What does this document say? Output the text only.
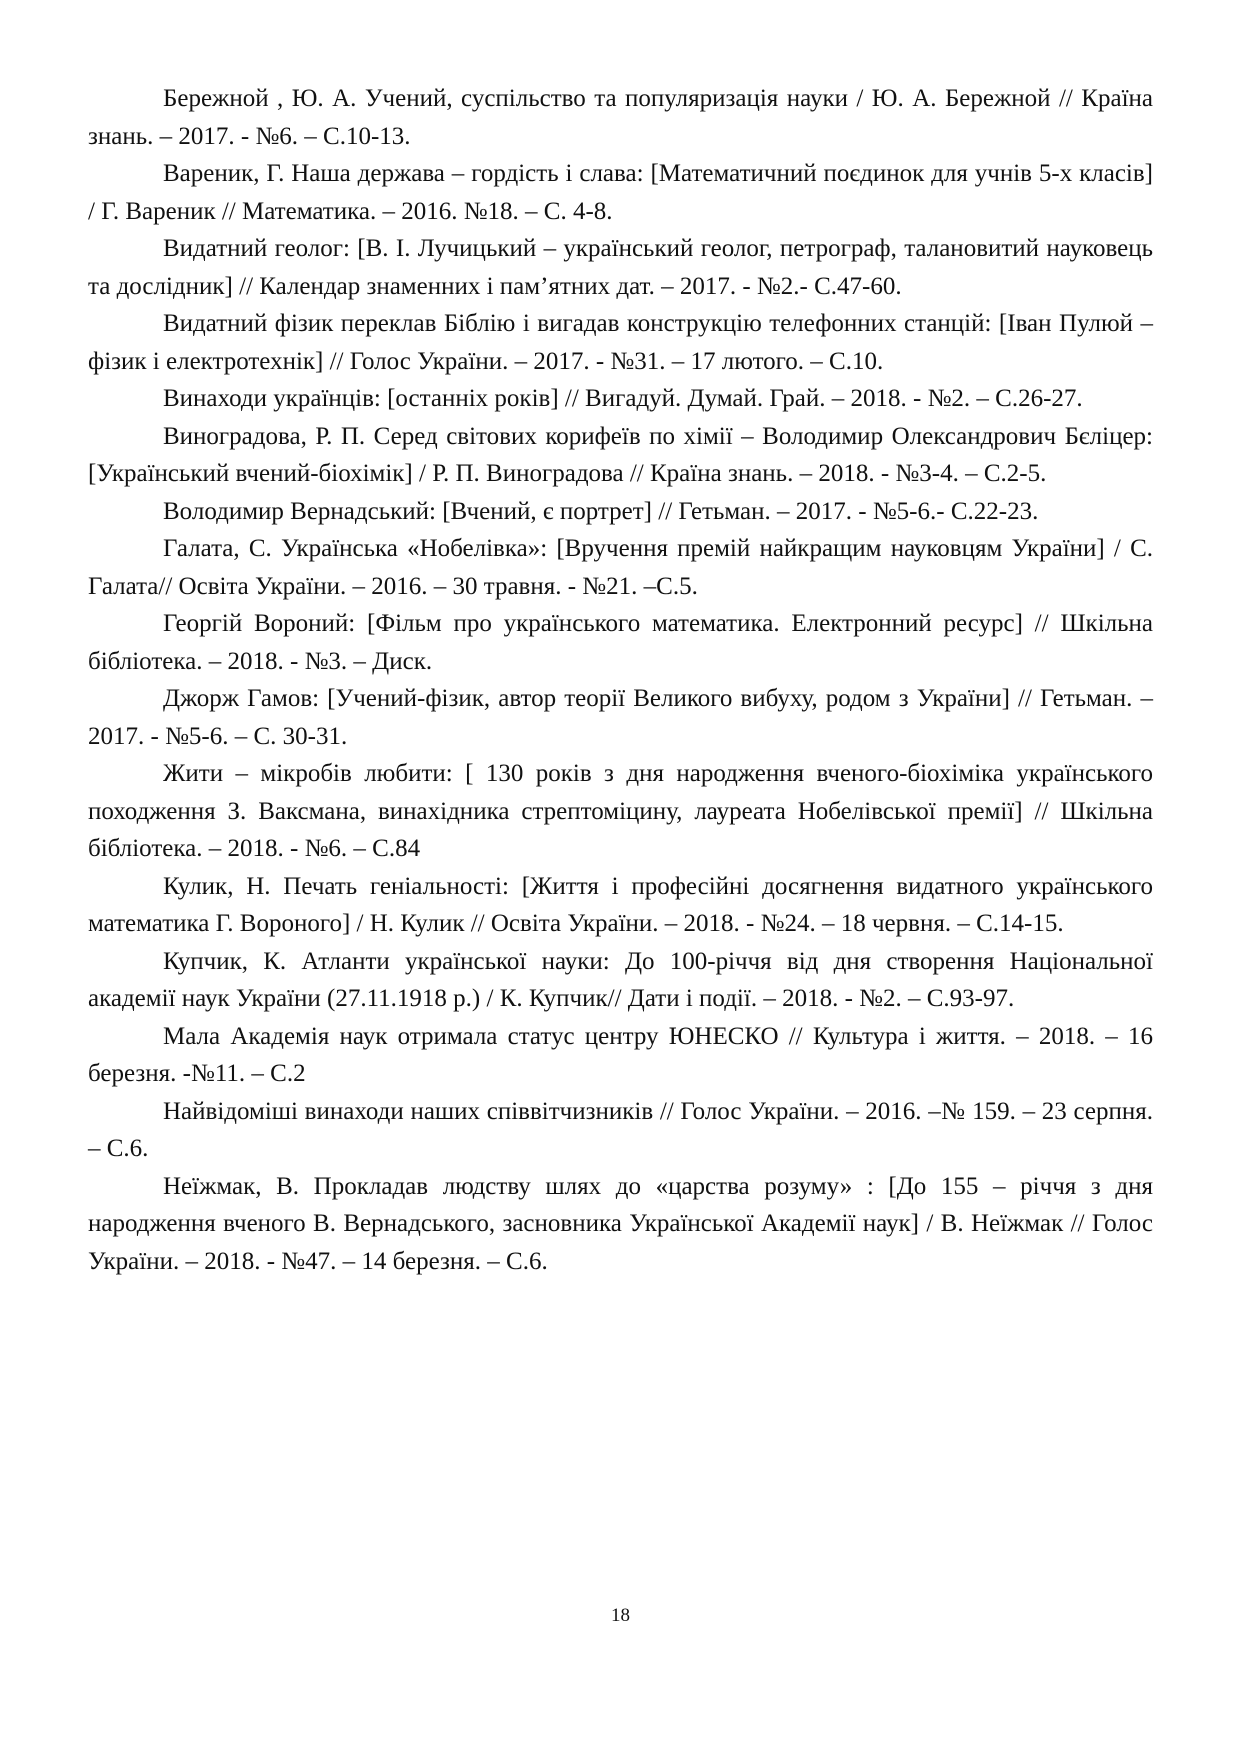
Бережной , Ю. А. Учений, суспільство та популяризація науки / Ю. А. Бережной // Країна знань. – 2017. - №6. – С.10-13.

Вареник, Г. Наша держава – гордість і слава: [Математичний поєдинок для учнів 5-х класів] / Г. Вареник // Математика. – 2016. №18. – С. 4-8.

Видатний геолог: [В. І. Лучицький – український геолог, петрограф, талановитий науковець та дослідник] // Календар знаменних і пам’ятних дат. – 2017. - №2.- С.47-60.

Видатний фізик переклав Біблію і вигадав конструкцію телефонних станцій: [Іван Пулюй – фізик і електротехнік] // Голос України. – 2017. - №31. – 17 лютого. – С.10.

Винаходи українців: [останніх років] // Вигадуй. Думай. Грай. – 2018. - №2. – С.26-27.

Виноградова, Р. П. Серед світових корифеїв по хімії – Володимир Олександрович Бєліцер: [Український вчений-біохімік] / Р. П. Виноградова // Країна знань. – 2018. - №3-4. – С.2-5.

Володимир Вернадський: [Вчений, є портрет] // Гетьман. – 2017. - №5-6.- С.22-23.

Галата, С. Українська «Нобелівка»: [Вручення премій найкращим науковцям України] / С. Галата// Освіта України. – 2016. – 30 травня. - №21. –С.5.

Георгій Вороний: [Фільм про українського математика. Електронний ресурс] // Шкільна бібліотека. – 2018. - №3. – Диск.

Джорж Гамов: [Учений-фізик, автор теорії Великого вибуху, родом з України] // Гетьман. – 2017. - №5-6. – С. 30-31.

Жити – мікробів любити: [ 130 років з дня народження вченого-біохіміка українського походження З. Ваксмана, винахідника стрептоміцину, лауреата Нобелівської премії] // Шкільна бібліотека. – 2018. - №6. – С.84

Кулик, Н. Печать геніальності: [Життя і професійні досягнення видатного українського математика Г. Вороного] / Н. Кулик // Освіта України. – 2018. - №24. – 18 червня. – С.14-15.

Купчик, К. Атланти української науки: До 100-річчя від дня створення Національної академії наук України (27.11.1918 р.) / К. Купчик// Дати і події. – 2018. - №2. – С.93-97.

Мала Академія наук отримала статус центру ЮНЕСКО // Культура і життя. – 2018. – 16 березня. -№11. – С.2

Найвідоміші винаходи наших співвітчизників // Голос України. – 2016. –№ 159. – 23 серпня. – С.6.

Неїжмак, В. Прокладав людству шлях до «царства розуму» : [До 155 – річчя з дня народження вченого В. Вернадського, засновника Української Академії наук] / В. Неїжмак // Голос України. – 2018. - №47. – 14 березня. – С.6.

18
